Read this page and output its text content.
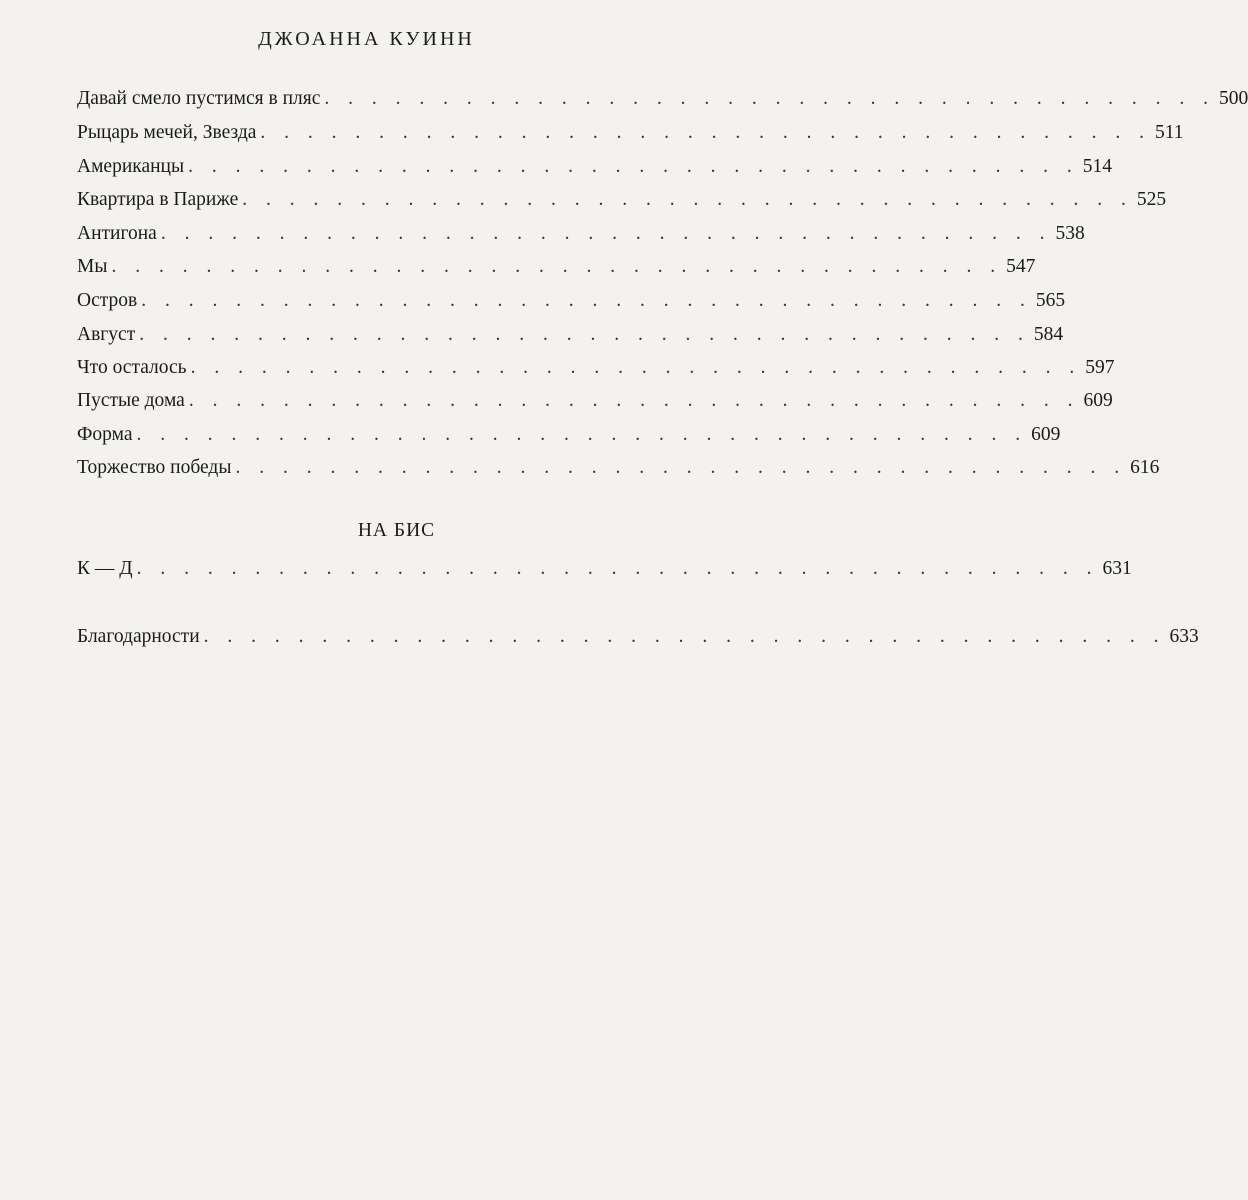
ДЖОАННА КУИНН

Давай смело пустимся в пляс . . . . . . . . . . . . . . . . . . . . . . . . . . . . . . . . . . . . . . 500
Рыцарь мечей, Звезда . . . . . . . . . . . . . . . . . . . . . . . . . . . . . . . . . . . . . . 511
Американцы . . . . . . . . . . . . . . . . . . . . . . . . . . . . . . . . . . . . . . 514
Квартира в Париже . . . . . . . . . . . . . . . . . . . . . . . . . . . . . . . . . . . . . . 525
Антигона . . . . . . . . . . . . . . . . . . . . . . . . . . . . . . . . . . . . . . 538
Мы . . . . . . . . . . . . . . . . . . . . . . . . . . . . . . . . . . . . . . 547
Остров . . . . . . . . . . . . . . . . . . . . . . . . . . . . . . . . . . . . . . 565
Август . . . . . . . . . . . . . . . . . . . . . . . . . . . . . . . . . . . . . . 584
Что осталось . . . . . . . . . . . . . . . . . . . . . . . . . . . . . . . . . . . . . . 597
Пустые дома . . . . . . . . . . . . . . . . . . . . . . . . . . . . . . . . . . . . . . 609
Форма . . . . . . . . . . . . . . . . . . . . . . . . . . . . . . . . . . . . . . 609
Торжество победы . . . . . . . . . . . . . . . . . . . . . . . . . . . . . . . . . . . . . . 616
НА БИС
К — Д . . . . . . . . . . . . . . . . . . . . . . . . . . . . . . . . . . . . . . . . . 631
Благодарности . . . . . . . . . . . . . . . . . . . . . . . . . . . . . . . . . . . . . . . . . 633
